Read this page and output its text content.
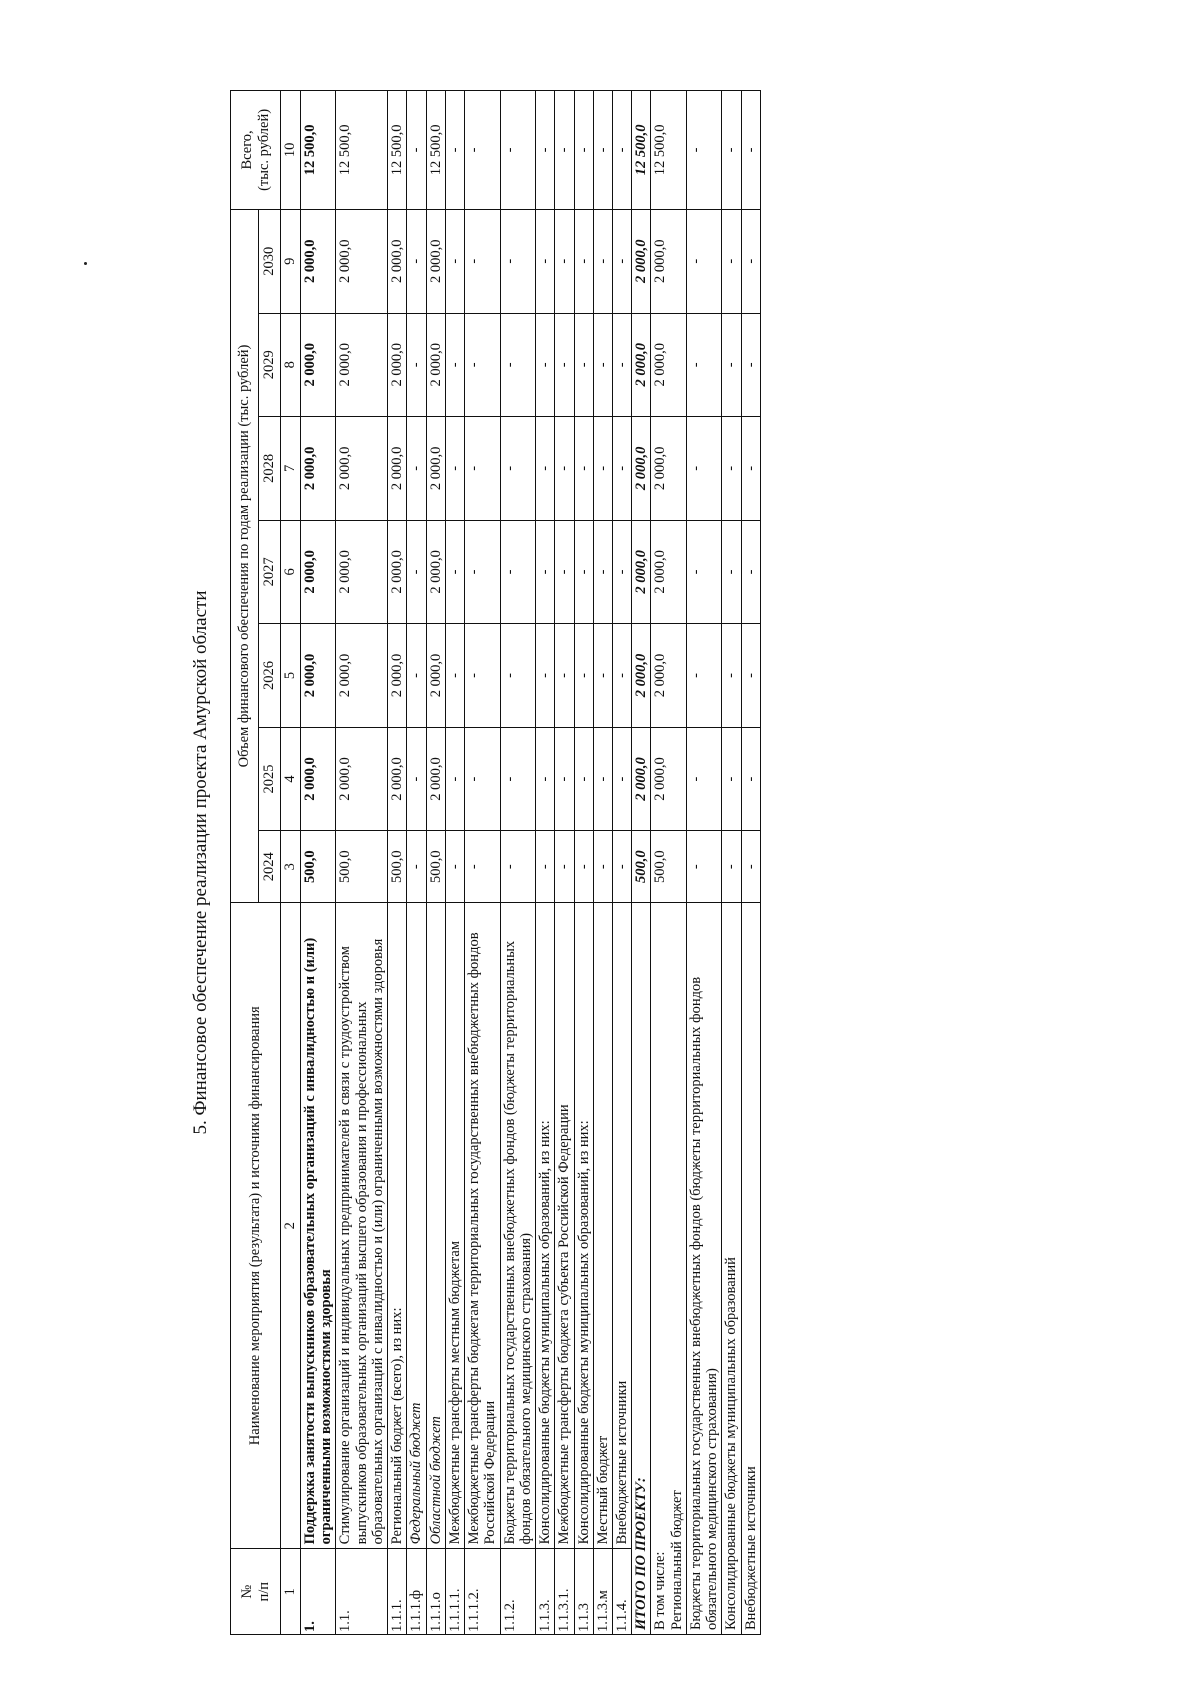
5. Финансовое обеспечение реализации проекта Амурской области
№
п/п	Наименование мероприятия (результата) и источники финансирования	Объем финансового обеспечения по годам реализации (тыс. рублей)							Всего,
(тыс. рублей)
		2024	2025	2026	2027	2028	2029	2030	
1	2	3	4	5	6	7	8	9	10
1.	Поддержка занятости выпускников образовательных организаций с инвалидностью и (или) ограниченными возможностями здоровья	500,0	2 000,0	2 000,0	2 000,0	2 000,0	2 000,0	2 000,0	12 500,0
1.1.	Стимулирование организаций и индивидуальных предпринимателей в связи с трудоустройством выпускников образовательных организаций высшего образования и профессиональных образовательных организаций с инвалидностью и (или) ограниченными возможностями здоровья	500,0	2 000,0	2 000,0	2 000,0	2 000,0	2 000,0	2 000,0	12 500,0
1.1.1.	Региональный бюджет (всего), из них:	500,0	2 000,0	2 000,0	2 000,0	2 000,0	2 000,0	2 000,0	12 500,0
1.1.1.ф	Федеральный бюджет	-	-	-	-	-	-	-	-
1.1.1.о	Областной бюджет	500,0	2 000,0	2 000,0	2 000,0	2 000,0	2 000,0	2 000,0	12 500,0
1.1.1.1.	Межбюджетные трансферты местным бюджетам	-	-	-	-	-	-	-	-
1.1.1.2.	Межбюджетные трансферты бюджетам территориальных государственных внебюджетных фондов Российской Федерации	-	-	-	-	-	-	-	-
1.1.2.	Бюджеты территориальных государственных внебюджетных фондов (бюджеты территориальных фондов обязательного медицинского страхования)	-	-	-	-	-	-	-	-
1.1.3.	Консолидированные бюджеты муниципальных образований, из них:	-	-	-	-	-	-	-	-
1.1.3.1.	Межбюджетные трансферты бюджета субъекта Российской Федерации	-	-	-	-	-	-	-	-
1.1.3	Консолидированные бюджеты муниципальных образований, из них:	-	-	-	-	-	-	-	-
1.1.3.м	Местный бюджет	-	-	-	-	-	-	-	-
1.1.4.	Внебюджетные источники	-	-	-	-	-	-	-	-
ИТОГО ПО ПРОЕКТУ:		500,0	2 000,0	2 000,0	2 000,0	2 000,0	2 000,0	2 000,0	12 500,0
В том числе:
Региональный бюджет		500,0	2 000,0	2 000,0	2 000,0	2 000,0	2 000,0	2 000,0	12 500,0
Бюджеты территориальных государственных внебюджетных фондов (бюджеты территориальных фондов обязательного медицинского страхования)		-	-	-	-	-	-	-	-
Консолидированные бюджеты муниципальных образований		-	-	-	-	-	-	-	-
Внебюджетные источники		-	-	-	-	-	-	-	-
